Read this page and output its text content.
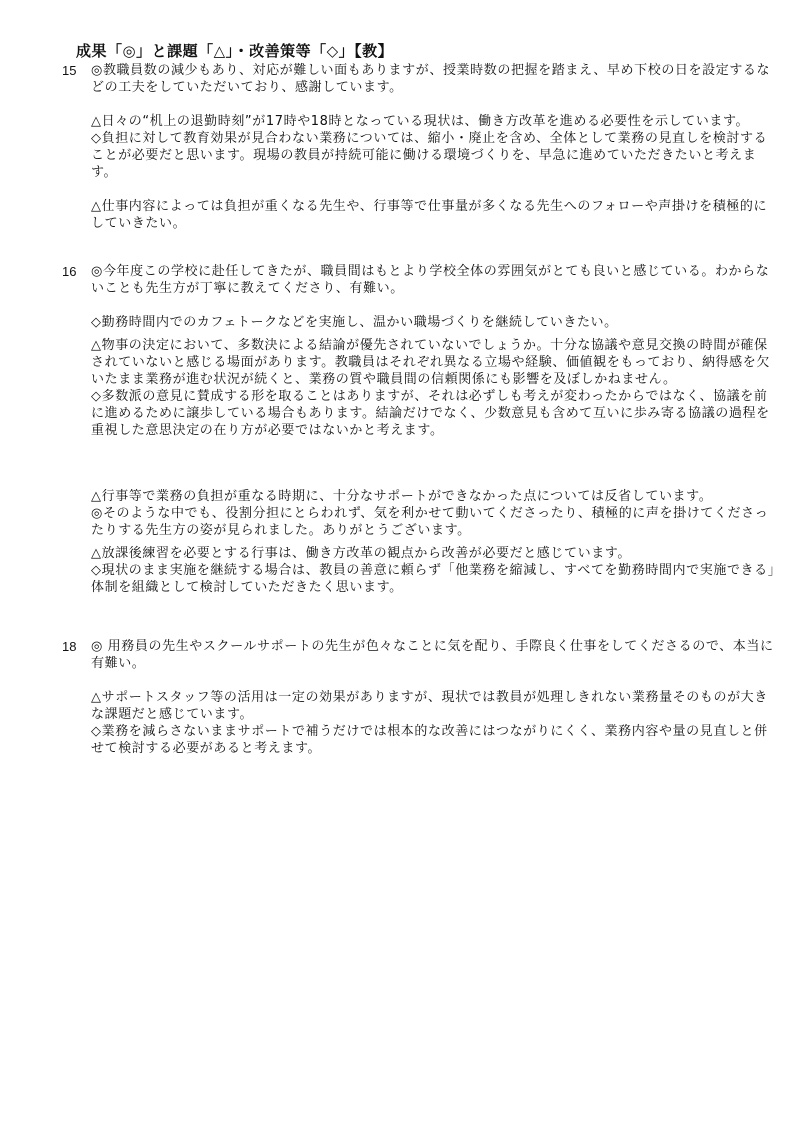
成果「◎」と課題「△」・改善策等「◇」【教】
15	◎教職員数の減少もあり、対応が難しい面もありますが、授業時数の把握を踏まえ、早め下校の日を設定するなどの工夫をしていただいており、感謝しています。

△日々の“机上の退勤時刻”が17時や18時となっている現状は、働き方改革を進める必要性を示しています。

◇負担に対して教育効果が見合わない業務については、縮小・廃止を含め、全体として業務の見直しを検討することが必要だと思います。現場の教員が持続可能に働ける環境づくりを、早急に進めていただきたいと考えます。

△仕事内容によっては負担が重くなる先生や、行事等で仕事量が多くなる先生へのフォローや声掛けを積極的にしていきたい。

16	◎今年度この学校に赴任してきたが、職員間はもとより学校全体の雰囲気がとても良いと感じている。わからないことも先生方が丁寧に教えてくださり、有難い。

◇勤務時間内でのカフェトークなどを実施し、温かい職場づくりを継続していきたい。

△物事の決定において、多数決による結論が優先されていないでしょうか。十分な協議や意見交換の時間が確保されていないと感じる場面があります。教職員はそれぞれ異なる立場や経験、価値観をもっており、納得感を欠いたまま業務が進む状況が続くと、業務の質や職員間の信頼関係にも影響を及ぼしかねません。

◇多数派の意見に賛成する形を取ることはありますが、それは必ずしも考えが変わったからではなく、協議を前に進めるために譲歩している場合もあります。結論だけでなく、少数意見も含めて互いに歩み寄る協議の過程を重視した意思決定の在り方が必要ではないかと考えます。

△行事等で業務の負担が重なる時期に、十分なサポートができなかった点については反省しています。

◎そのような中でも、役割分担にとらわれず、気を利かせて動いてくださったり、積極的に声を掛けてくださったりする先生方の姿が見られました。ありがとうございます。

△放課後練習を必要とする行事は、働き方改革の観点から改善が必要だと感じています。

◇現状のまま実施を継続する場合は、教員の善意に頼らず「他業務を縮減し、すべてを勤務時間内で実施できる」体制を組織として検討していただきたく思います。

18	◎ 用務員の先生やスクールサポートの先生が色々なことに気を配り、手際良く仕事をしてくださるので、本当に有難い。

△サポートスタッフ等の活用は一定の効果がありますが、現状では教員が処理しきれない業務量そのものが大きな課題だと感じています。

◇業務を減らさないままサポートで補うだけでは根本的な改善にはつながりにくく、業務内容や量の見直しと併せて検討する必要があると考えます。
